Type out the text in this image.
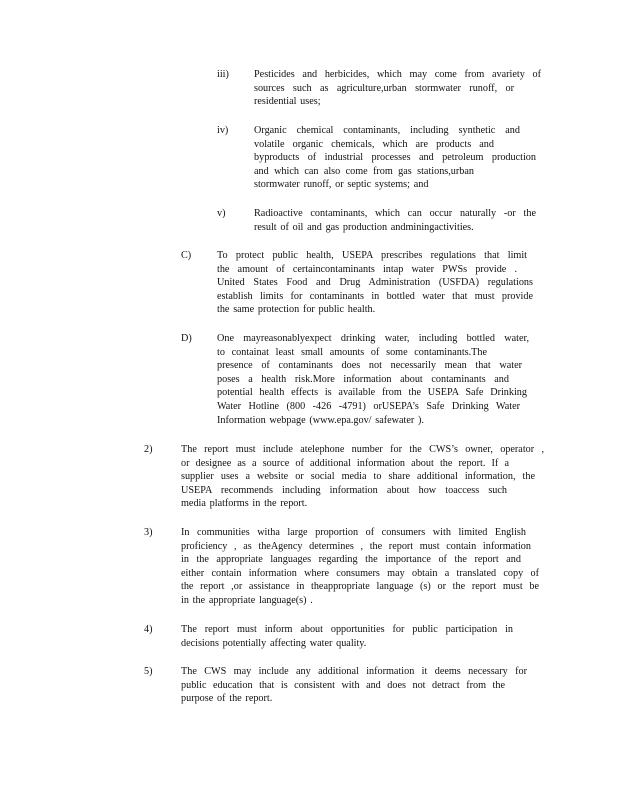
iii) Pesticides and herbicides, which may come from avariety of
sources such as agriculture,urban stormwater runoff, or
residential uses;
iv)	Organic chemical contaminants, including synthetic and
volatile organic chemicals, which are products and
byproducts of industrial processes and petroleum production
and which can also come from gas stations,urban
stormwater runoff, or septic systems; and
v)	Radioactive contaminants, which can occur naturally -or the
result of oil and gas production andminingactivities.
C)	To protect public health, USEPA prescribes regulations that limit
the amount of certaincontaminants intap water PWSs provide .
United States Food and Drug Administration (USFDA) regulations
establish limits for contaminants in bottled water that must provide
the same protection for public health.
D) One mayreasonablyexpect drinking water, including bottled water,
to containat least small amounts of some contaminants.The
presence of contaminants does not necessarily mean that water
poses a health risk.More information about contaminants and
potential health effects is available from the USEPA Safe Drinking
Water Hotline (800 -426 -4791) orUSEPA’s Safe Drinking Water
Information webpage (www.epa.gov/ safewater ).
2)	The report must include atelephone number for the CWS’s owner, operator ,
or designee as a source of additional information about the report. If a
supplier uses a website or social media to share additional information, the
USEPA recommends including information about how toaccess such
media platforms in the report.
3)	In communities witha large proportion of consumers with limited English
proficiency , as theAgency determines , the report must contain information
in the appropriate languages regarding the importance of the report and
either contain information where consumers may obtain a translated copy of
the report ,or assistance in theappropriate language (s) or the report must be
in the appropriate language(s) .
4)	The report must inform about opportunities for public participation in
decisions potentially affecting water quality.
5)	The CWS may include any additional information it deems necessary for
public education that is consistent with and does not detract from the
purpose of the report.
